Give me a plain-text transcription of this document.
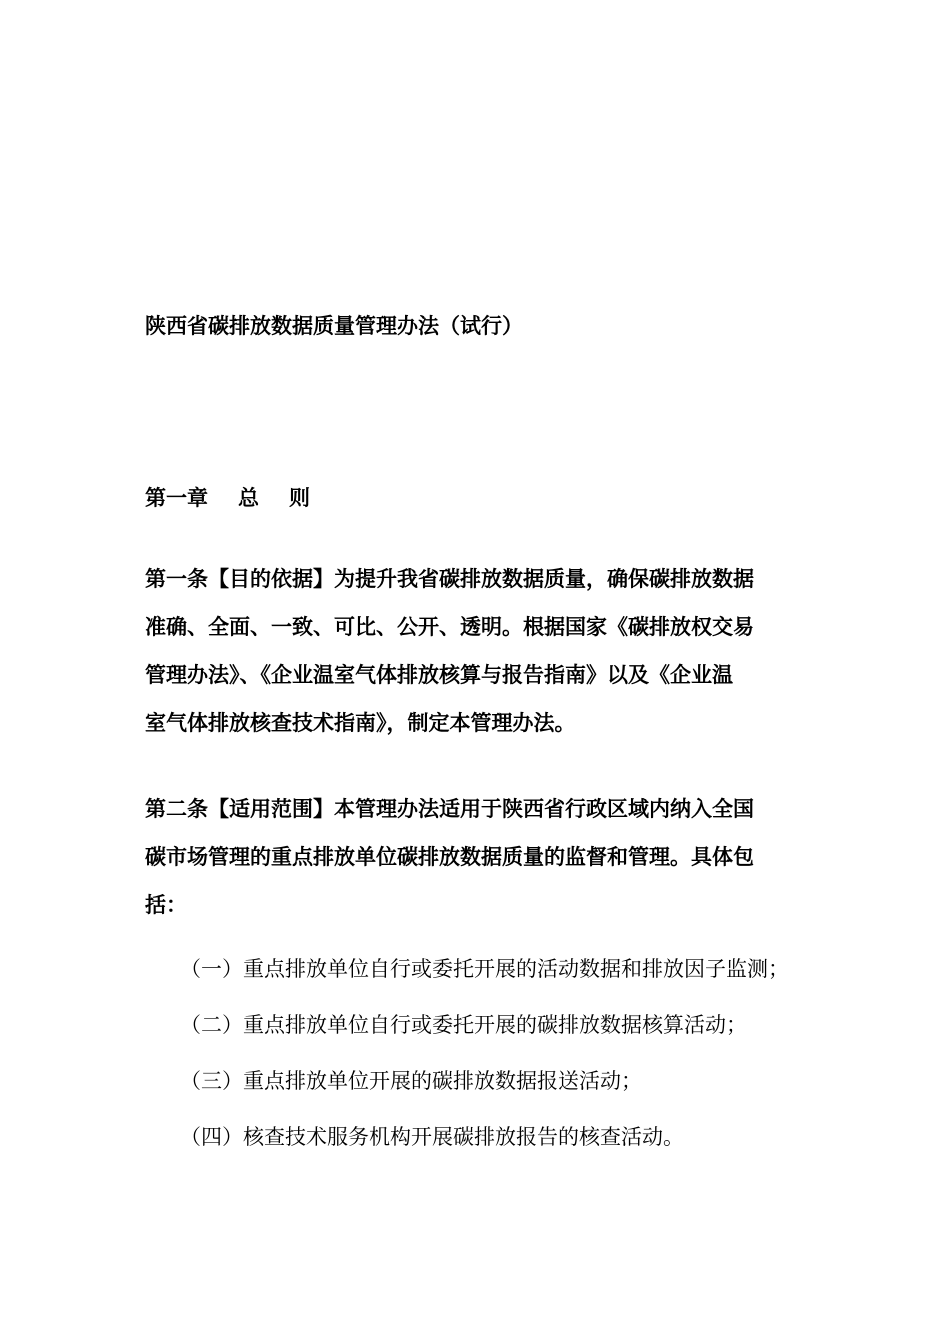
陕西省碳排放数据质量管理办法（试行）
第一章 总 则
第一条【目的依据】为提升我省碳排放数据质量，确保碳排放数据
准确、全面、一致、可比、公开、透明。根据国家《碳排放权交易
管理办法》、《企业温室气体排放核算与报告指南》以及《企业温
室气体排放核查技术指南》，制定本管理办法。
第二条【适用范围】本管理办法适用于陕西省行政区域内纳入全国
碳市场管理的重点排放单位碳排放数据质量的监督和管理。具体包
括：
（一）重点排放单位自行或委托开展的活动数据和排放因子监测；
（二）重点排放单位自行或委托开展的碳排放数据核算活动；
（三）重点排放单位开展的碳排放数据报送活动；
（四）核查技术服务机构开展碳排放报告的核查活动。
